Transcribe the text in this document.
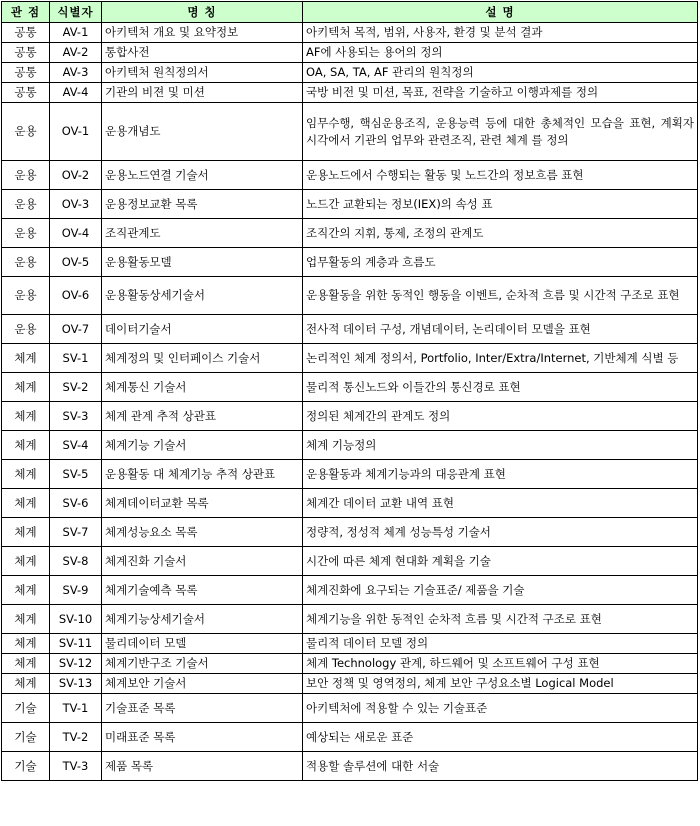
관 점	식별자	명 칭	설 명
공통	AV-1	아키텍처 개요 및 요약정보	아키텍처 목적, 범위, 사용자, 환경 및 분석 결과
공통	AV-2	통합사전	AF에 사용되는 용어의 정의
공통	AV-3	아키텍처 원칙정의서	OA, SA, TA, AF 관리의 원칙정의
공통	AV-4	기관의 비젼 및 미션	국방 비전 및 미션, 목표, 전략을 기술하고 이행과제를 정의
운용	OV-1	운용개념도	임무수행, 핵심운용조직, 운용능력 등에 대한 총체적인 모습을 표현, 계획자 시각에서 기관의 업무와 관련조직, 관련 체계 를 정의
운용	OV-2	운용노드연결 기술서	운용노드에서 수행되는 활동 및 노드간의 정보흐름 표현
운용	OV-3	운용정보교환 목록	노드간 교환되는 정보(IEX)의 속성 표
운용	OV-4	조직관계도	조직간의 지휘, 통제, 조정의 관계도
운용	OV-5	운용활동모델	업무활동의 계층과 흐름도
운용	OV-6	운용활동상세기술서	운용활동을 위한 동적인 행동을 이벤트, 순차적 흐름 및 시간적 구조로 표현
운용	OV-7	데이터기술서	전사적 데이터 구성, 개념데이터, 논리데이터 모델을 표현
체계	SV-1	체계정의 및 인터페이스 기술서	논리적인 체계 정의서, Portfolio, Inter/Extra/Internet, 기반체계 식별 등
체계	SV-2	체계통신 기술서	물리적 통신노드와 이들간의 통신경로 표현
체계	SV-3	체계 관계 추적 상관표	정의된 체계간의 관계도 정의
체계	SV-4	체계기능 기술서	체계 기능정의
체계	SV-5	운용활동 대 체계기능 추적 상관표	운용활동과 체계기능과의 대응관계 표현
체계	SV-6	체계데이터교환 목록	체계간 데이터 교환 내역 표현
체계	SV-7	체계성능요소 목록	정량적, 정성적 체계 성능특성 기술서
체계	SV-8	체계진화 기술서	시간에 따른 체계 현대화 계획을 기술
체계	SV-9	체계기술예측 목록	체계진화에 요구되는 기술표준/ 제품을 기술
체계	SV-10	체계기능상세기술서	체계기능을 위한 동적인 순차적 흐름 및 시간적 구조로 표현
체계	SV-11	물리데이터 모델	물리적 데이터 모델 정의
체계	SV-12	체계기반구조 기술서	체계 Technology 관계, 하드웨어 및 소프트웨어 구성 표현
체계	SV-13	체계보안 기술서	보안 정책 및 영역정의, 체계 보안 구성요소별 Logical Model
기술	TV-1	기술표준 목록	아키텍처에 적용할 수 있는 기술표준
기술	TV-2	미래표준 목록	예상되는 새로운 표준
기술	TV-3	제품 목록	적용할 솔루션에 대한 서술
